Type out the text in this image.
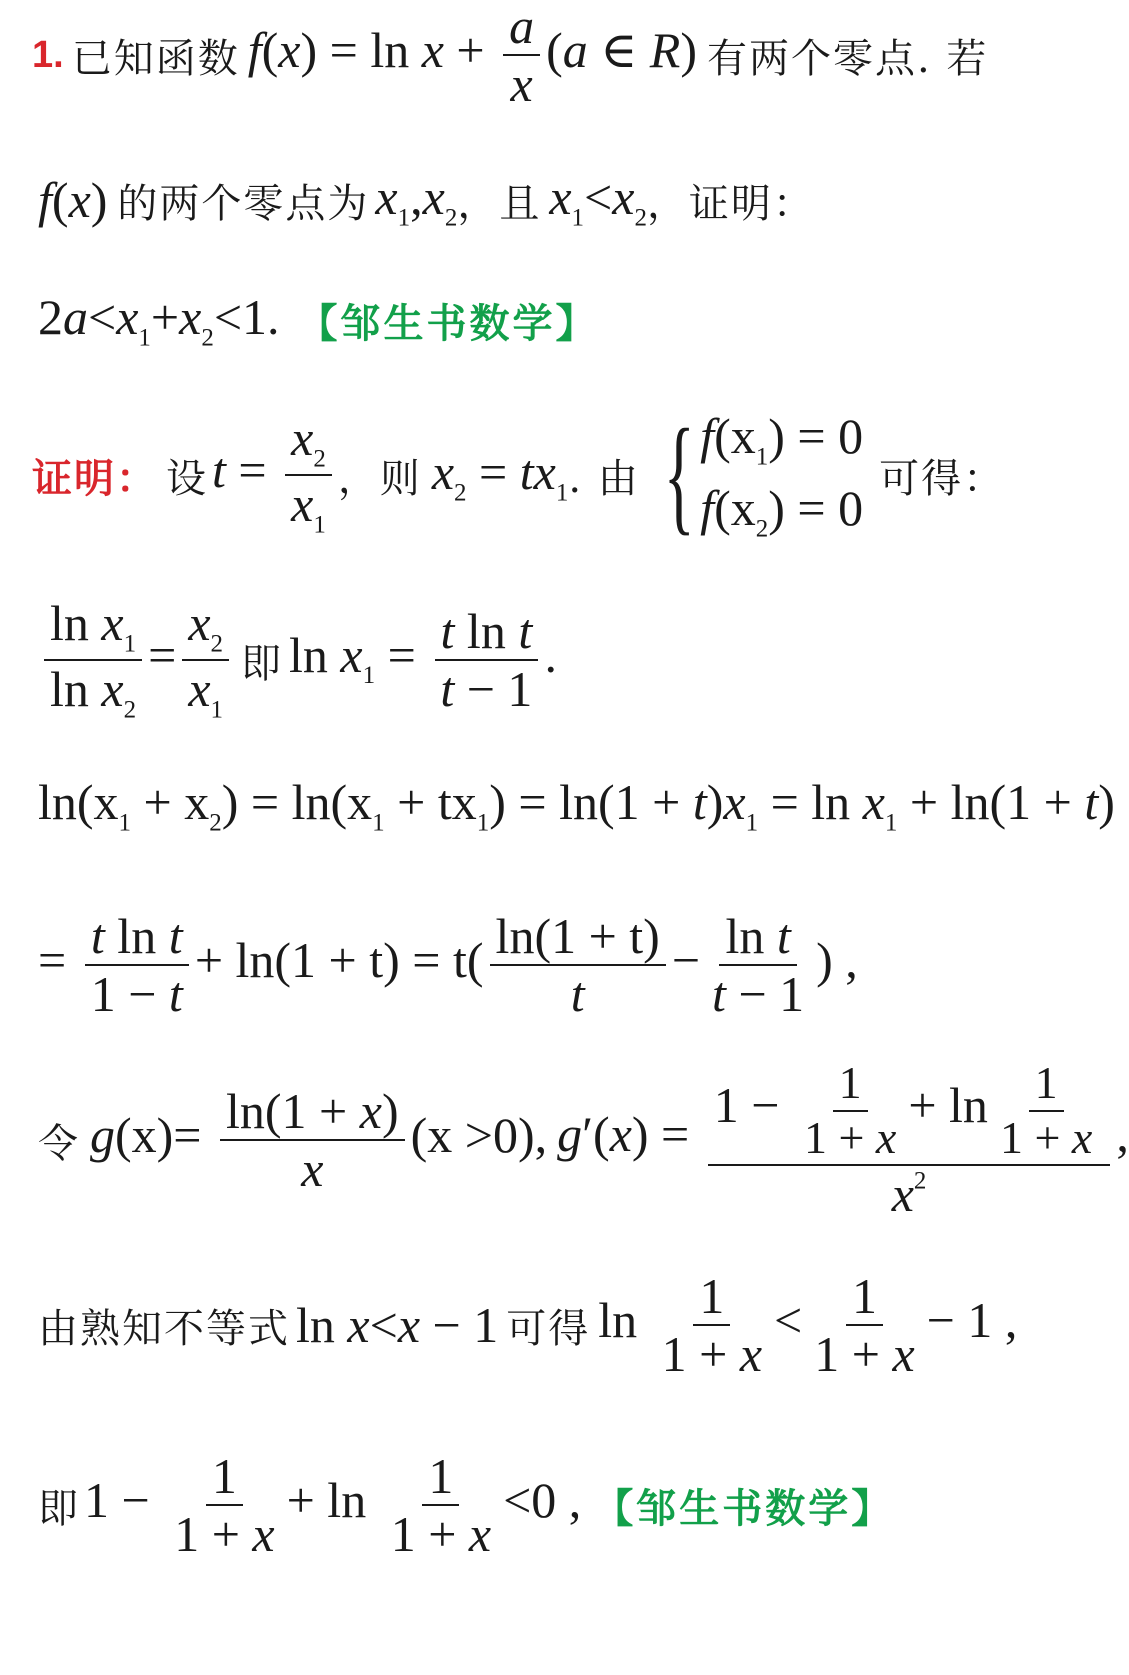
1. 已知函数 $f(x) = \ln x + \frac{a}{x} (a$ ∈ R) 有两个零点. 若
f(x) 的两个零点为 $x_1,x_2$ ，且 $x_1<x_2$ ，证明：
$2a<x_1+x_2<1$. 【邹生书数学】
证明： 设 $t = \frac{x_2}{x_1}$ ，则 $x_2 = tx_1$ . 由 { $f(x_1) = 0$
$f(x_2) = 0$
可得：
$\frac{\ln x_1}{\ln x_2} = \frac{x_2}{x_1}$ 即 $\ln x_1 = \frac{\text{t ln t}}{t - 1}$ .
$\ln(x_1 + x_2) = \ln(x_1 + tx_1) = \ln(1 + t)x_1 = \ln x_1 + \ln(1 + t)$
= $\frac{\text{t ln t}}{1 - t} + \ln(1 + t) = t( \frac{\ln(1 + t)}{t} - \frac{\text{ln t}}{t - 1}$ ) ,
令 $g(x)= \frac{\ln(1 + x)}{x} (x >0)$, $g'(x) = \frac{1 - \frac{1}{1 + x} + \ln \frac{1}{1 + x}}{x^2}$ ,
由熟知不等式 ln x<x − 1 可得 $\ln \frac{1}{1 + x} < \frac{1}{1 + x} - 1$ ,
即 $1 - \frac{1}{1 + x} + \ln \frac{1}{1 + x} <0$ , 【邹生书数学】
